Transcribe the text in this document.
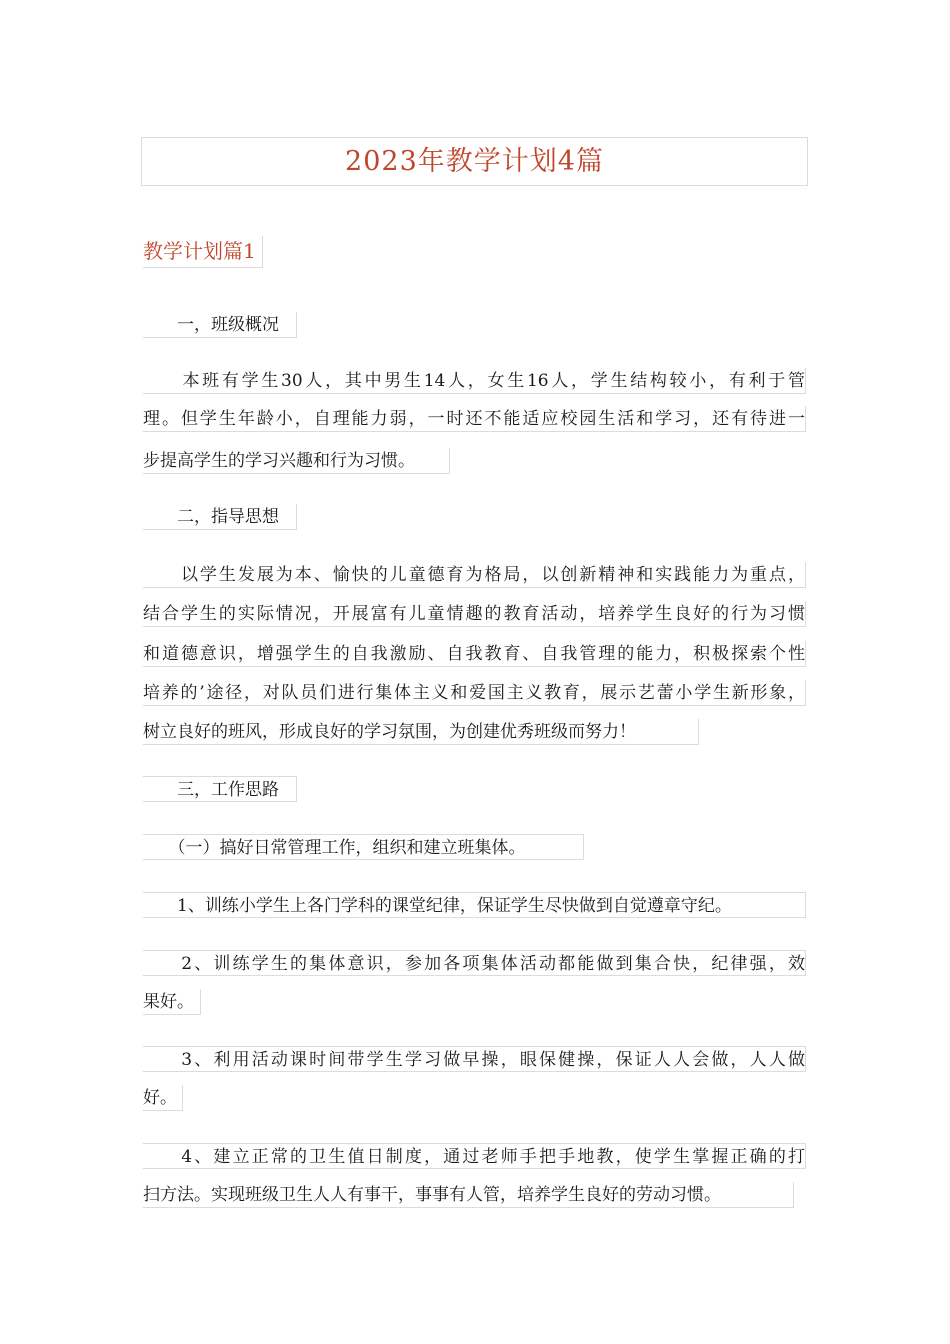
2023年教学计划4篇
教学计划篇1
　　一，班级概况
　　本班有学生30人，其中男生14人，女生16人，学生结构较小，有利于管
理。但学生年龄小，自理能力弱，一时还不能适应校园生活和学习，还有待进一
步提高学生的学习兴趣和行为习惯。
　　二，指导思想
　　以学生发展为本、愉快的儿童德育为格局，以创新精神和实践能力为重点，
结合学生的实际情况，开展富有儿童情趣的教育活动，培养学生良好的行为习惯
和道德意识，增强学生的自我激励、自我教育、自我管理的能力，积极探索个性
培养的’途径，对队员们进行集体主义和爱国主义教育，展示艺蕾小学生新形象，
树立良好的班风，形成良好的学习氛围，为创建优秀班级而努力！
　　三，工作思路
　　（一）搞好日常管理工作，组织和建立班集体。
　　1、训练小学生上各门学科的课堂纪律，保证学生尽快做到自觉遵章守纪。
　　2、训练学生的集体意识，参加各项集体活动都能做到集合快，纪律强，效
果好。
　　3、利用活动课时间带学生学习做早操，眼保健操，保证人人会做，人人做
好。
　　4、建立正常的卫生值日制度，通过老师手把手地教，使学生掌握正确的打
扫方法。实现班级卫生人人有事干，事事有人管，培养学生良好的劳动习惯。
